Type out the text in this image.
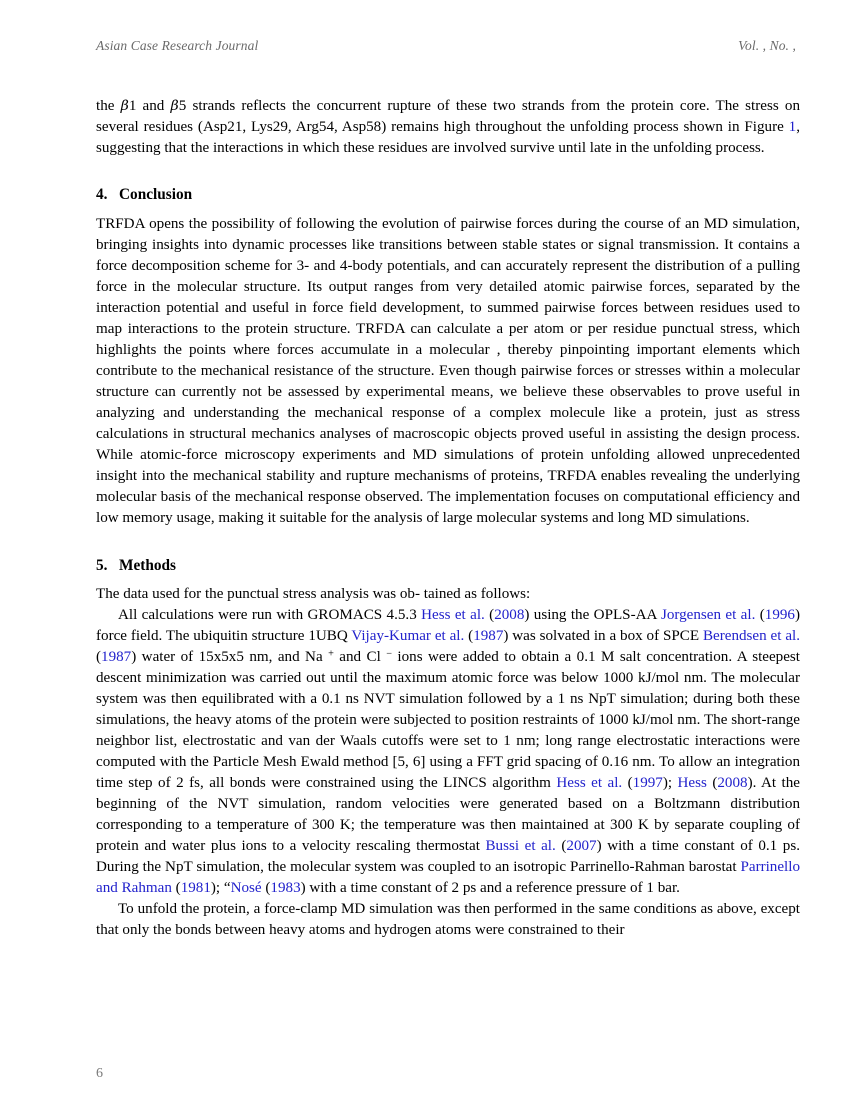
Asian Case Research Journal	Vol. , No. ,

the β1 and β5 strands reflects the concurrent rupture of these two strands from the protein core. The stress on several residues (Asp21, Lys29, Arg54, Asp58) remains high throughout the unfolding process shown in Figure 1, suggesting that the interactions in which these residues are involved survive until late in the unfolding process.

4. Conclusion

TRFDA opens the possibility of following the evolution of pairwise forces during the course of an MD simulation, bringing insights into dynamic processes like transitions between stable states or signal transmission. It contains a force decomposition scheme for 3- and 4-body potentials, and can accurately represent the distribution of a pulling force in the molecular structure. Its output ranges from very detailed atomic pairwise forces, separated by the interaction potential and useful in force field development, to summed pairwise forces between residues used to map interactions to the protein structure. TRFDA can calculate a per atom or per residue punctual stress, which highlights the points where forces accumulate in a molecular , thereby pinpointing important elements which contribute to the mechanical resistance of the structure. Even though pairwise forces or stresses within a molecular structure can currently not be assessed by experimental means, we believe these observables to prove useful in analyzing and understanding the mechanical response of a complex molecule like a protein, just as stress calculations in structural mechanics analyses of macroscopic objects proved useful in assisting the design process. While atomic-force microscopy experiments and MD simulations of protein unfolding allowed unprecedented insight into the mechanical stability and rupture mechanisms of proteins, TRFDA enables revealing the underlying molecular basis of the mechanical response observed. The implementation focuses on computational efficiency and low memory usage, making it suitable for the analysis of large molecular systems and long MD simulations.

5. Methods

The data used for the punctual stress analysis was ob- tained as follows:

All calculations were run with GROMACS 4.5.3 Hess et al. (2008) using the OPLS-AA Jorgensen et al. (1996) force field. The ubiquitin structure 1UBQ Vijay-Kumar et al. (1987) was solvated in a box of SPCE Berendsen et al. (1987) water of 15x5x5 nm, and Na + and Cl − ions were added to obtain a 0.1 M salt concentration. A steepest descent minimization was carried out until the maximum atomic force was below 1000 kJ/mol nm. The molecular system was then equilibrated with a 0.1 ns NVT simulation followed by a 1 ns NpT simulation; during both these simulations, the heavy atoms of the protein were subjected to position restraints of 1000 kJ/mol nm. The short-range neighbor list, electrostatic and van der Waals cutoffs were set to 1 nm; long range electrostatic interactions were computed with the Particle Mesh Ewald method [5, 6] using a FFT grid spacing of 0.16 nm. To allow an integration time step of 2 fs, all bonds were constrained using the LINCS algorithm Hess et al. (1997); Hess (2008). At the beginning of the NVT simulation, random velocities were generated based on a Boltzmann distribution corresponding to a temperature of 300 K; the temperature was then maintained at 300 K by separate coupling of protein and water plus ions to a velocity rescaling thermostat Bussi et al. (2007) with a time constant of 0.1 ps. During the NpT simulation, the molecular system was coupled to an isotropic Parrinello-Rahman barostat Parrinello and Rahman (1981); “Nosé (1983) with a time constant of 2 ps and a reference pressure of 1 bar.

To unfold the protein, a force-clamp MD simulation was then performed in the same conditions as above, except that only the bonds between heavy atoms and hydrogen atoms were constrained to their

6
